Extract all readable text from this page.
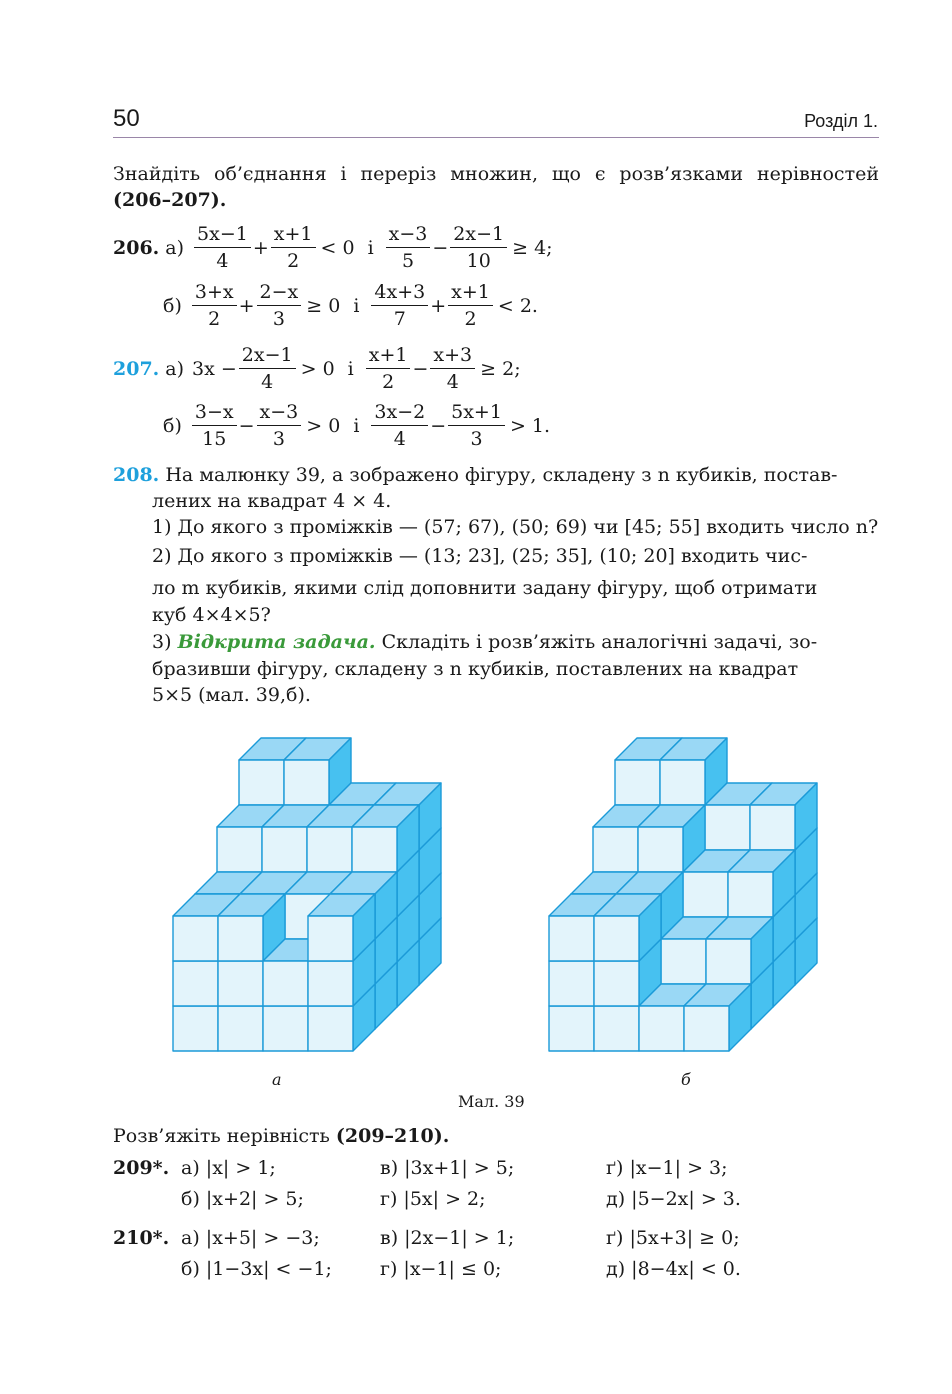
50	Розділ 1.
Знайдіть об’єднання і переріз множин, що є розв’язками нерівностей (206–207).
206. $а) \frac{5x-1}{4} + \frac{x+1}{2} < 0$ і $\frac{x-3}{5} - \frac{2x-1}{10} \ge 4$;
$б) \frac{3+x}{2} + \frac{2-x}{3} \ge 0$ і $\frac{4x+3}{7} + \frac{x+1}{2} < 2$.
207. а) $3x - \frac{2x-1}{4} > 0$ і $\frac{x+1}{2} - \frac{x+3}{4} \ge 2$;
$б) \frac{3-x}{15} - \frac{x-3}{3} > 0$ і $\frac{3x-2}{4} - \frac{5x+1}{3} > 1$.
208. На малюнку 39, а зображено фігуру, складену з n кубиків, постав-
лених на квадрат 4 × 4.
1) До якого з проміжків — (57; 67), (50; 69) чи [45; 55] входить число n?
2) До якого з проміжків — (13; 23], (25; 35], (10; 20] входить чис-
ло m кубиків, якими слід доповнити задану фігуру, щоб отримати
куб 4×4×5?
3) Відкрита задача. Складіть і розв’яжіть аналогічні задачі, зо-
бразивши фігуру, складену з n кубиків, поставлених на квадрат
5×5 (мал. 39,б).
а	б
Мал. 39
Розв’яжіть нерівність (209–210).
209*. а) |x| > 1;	в) |3x+1| > 5;	ґ) |x−1| > 3;
б) |x+2| > 5;	г) |5x| > 2;	д) |5−2x| > 3.
210*. а) |x+5| > −3;	в) |2x−1| > 1;	ґ) |5x+3| ≥ 0;
б) |1−3x| < −1;	г) |x−1| ≤ 0;	д) |8−4x| < 0.
